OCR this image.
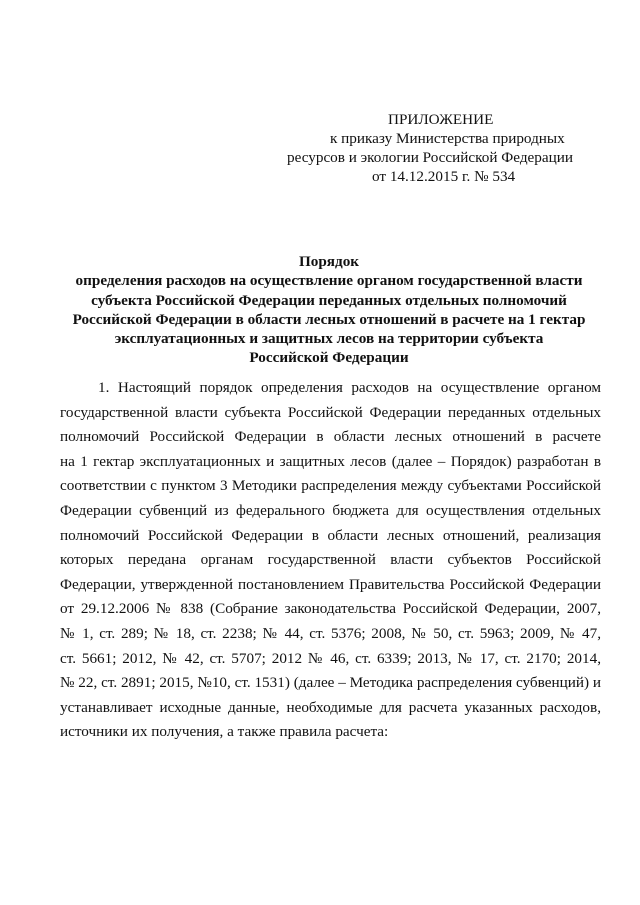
ПРИЛОЖЕНИЕ
к приказу Министерства природных
ресурсов и экологии Российской Федерации
от 14.12.2015 г. № 534
Порядок
определения расходов на осуществление органом государственной власти
субъекта Российской Федерации переданных отдельных полномочий
Российской Федерации в области лесных отношений в расчете на 1 гектар
эксплуатационных и защитных лесов на территории субъекта
Российской Федерации
1. Настоящий порядок определения расходов на осуществление органом
государственной власти субъекта Российской Федерации переданных отдельных
полномочий Российской Федерации в области лесных отношений в расчете
на 1 гектар эксплуатационных и защитных лесов (далее – Порядок) разработан в
соответствии с пунктом 3 Методики распределения между субъектами Российской
Федерации субвенций из федерального бюджета для осуществления отдельных
полномочий Российской Федерации в области лесных отношений, реализация
которых передана органам государственной власти субъектов Российской
Федерации, утвержденной постановлением Правительства Российской Федерации
от 29.12.2006 № 838 (Собрание законодательства Российской Федерации, 2007,
№ 1, ст. 289; № 18, ст. 2238; № 44, ст. 5376; 2008, № 50, ст. 5963; 2009, № 47,
ст. 5661; 2012, № 42, ст. 5707; 2012 № 46, ст. 6339; 2013, № 17, ст. 2170; 2014,
№ 22, ст. 2891; 2015, №10, ст. 1531) (далее – Методика распределения субвенций) и
устанавливает исходные данные, необходимые для расчета указанных расходов,
источники их получения, а также правила расчета:
